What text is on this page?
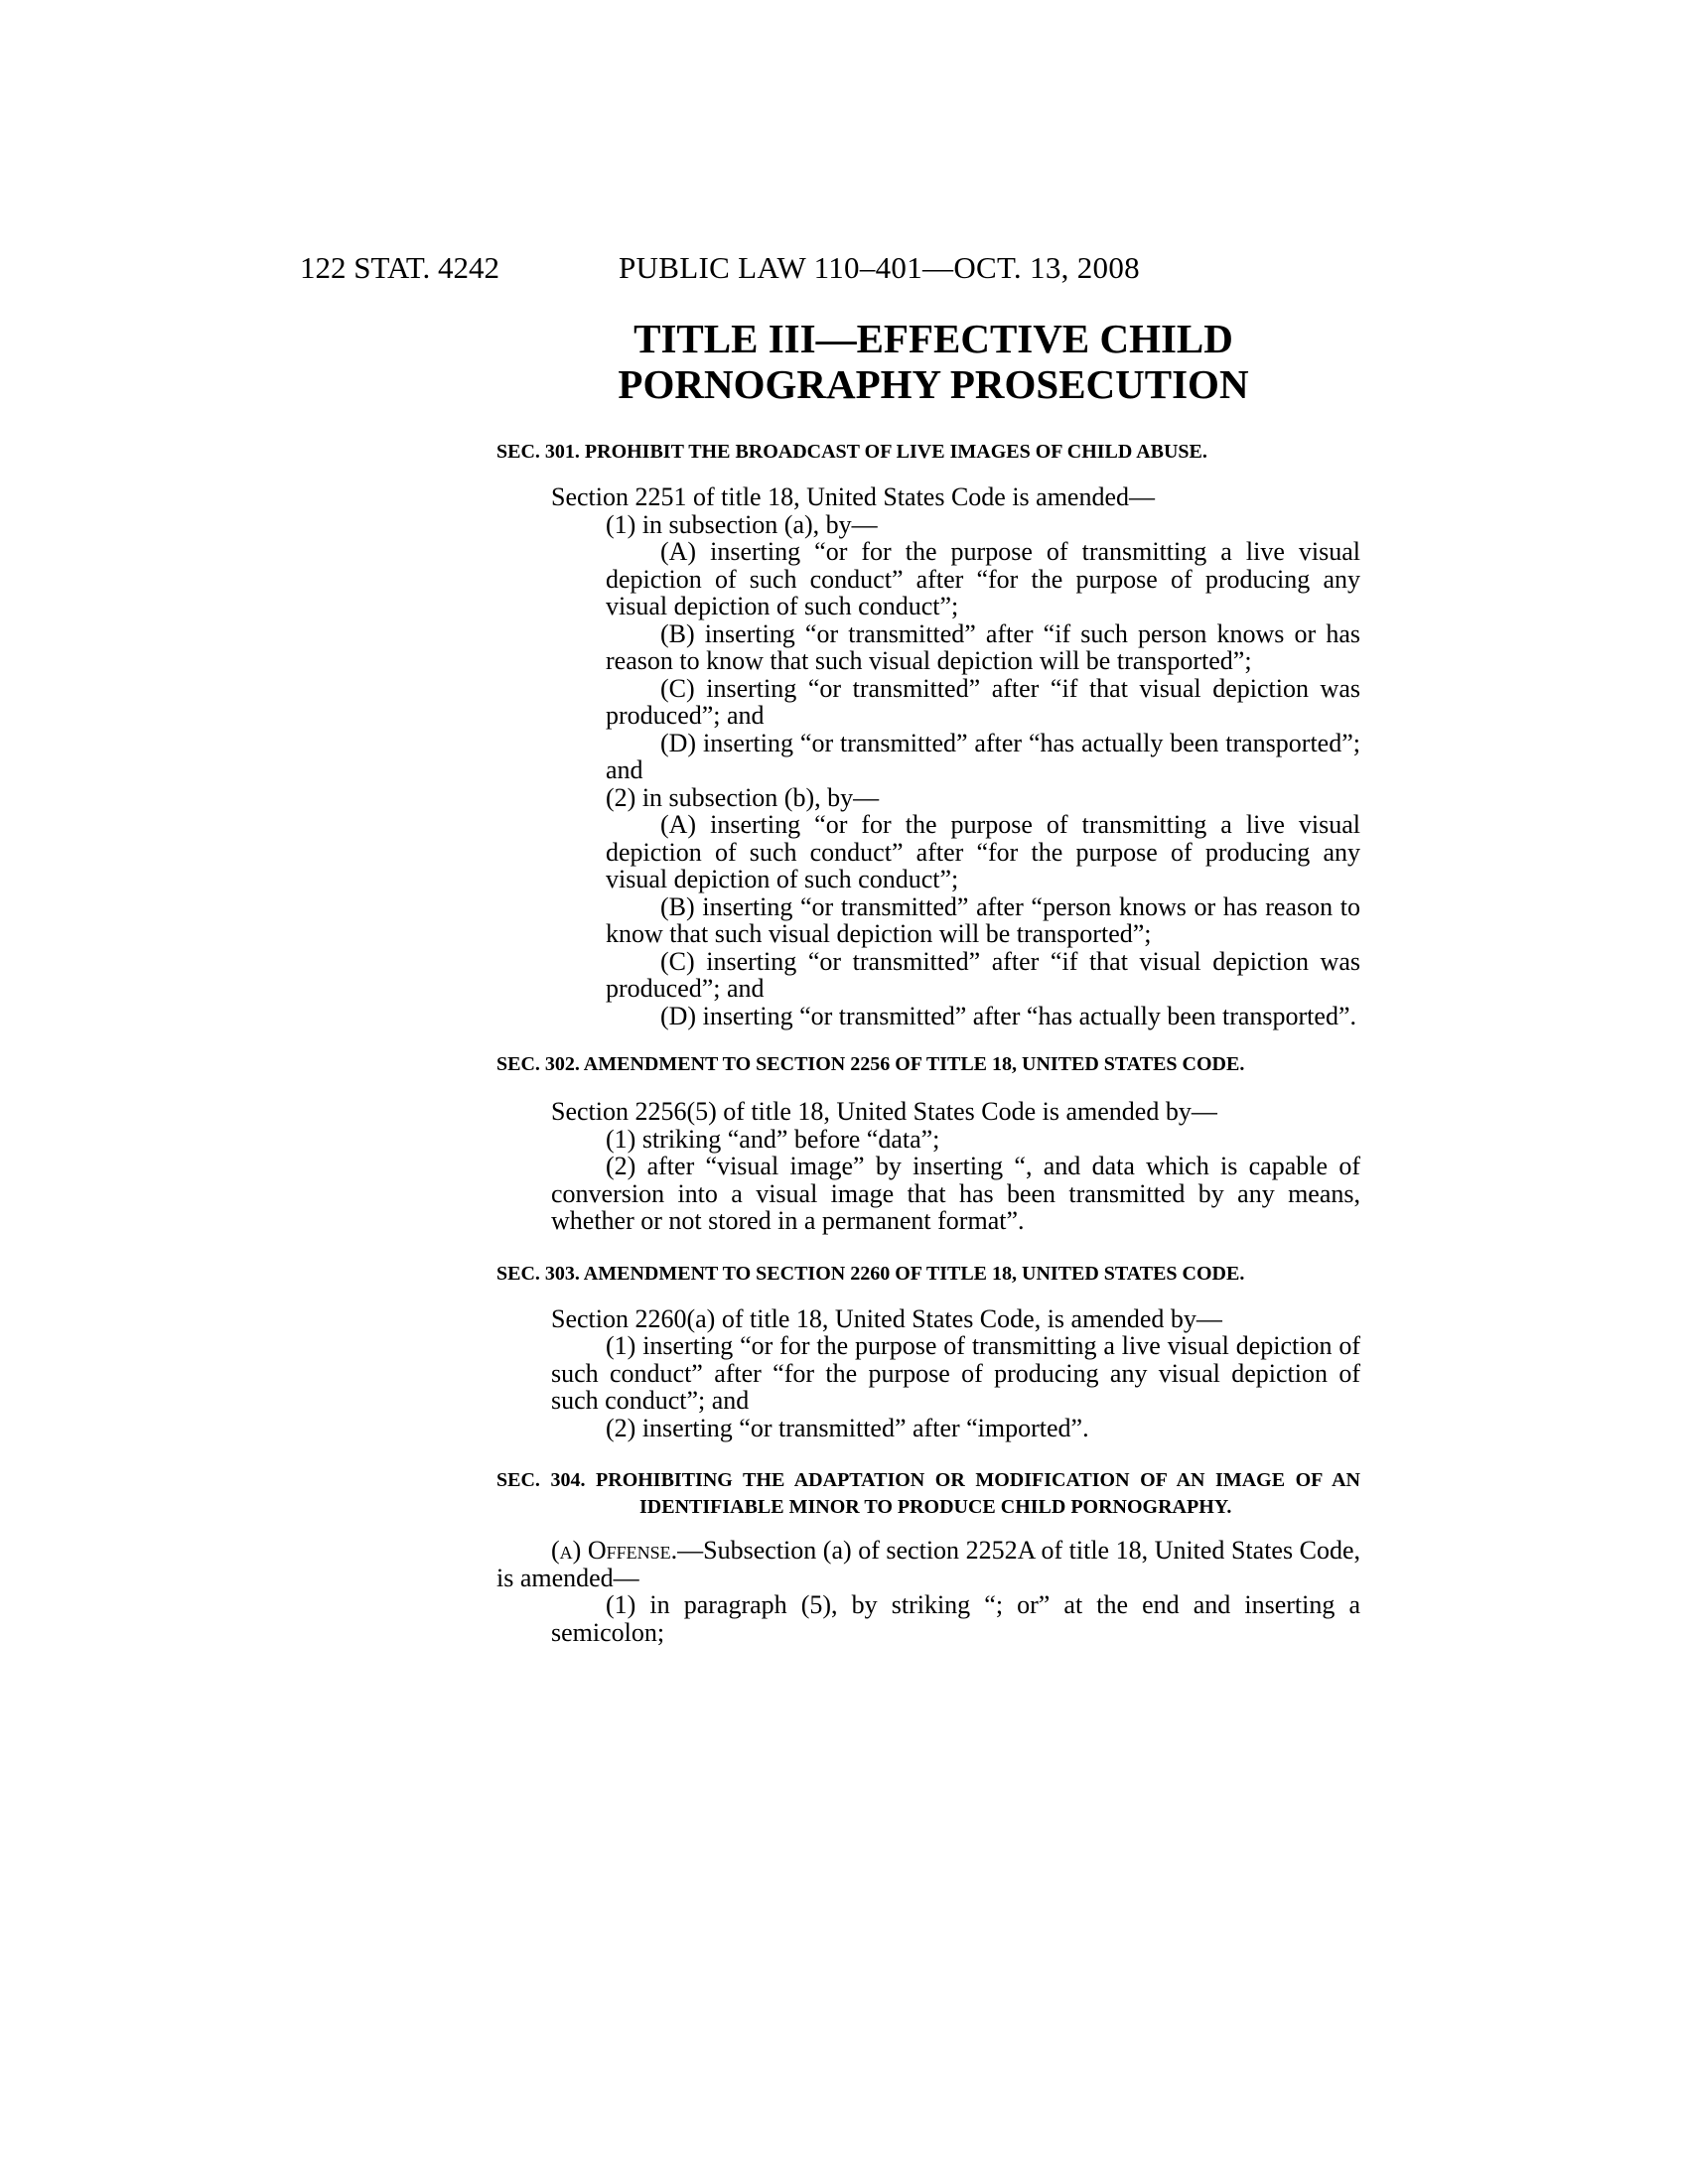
122 STAT. 4242	PUBLIC LAW 110–401—OCT. 13, 2008
TITLE III—EFFECTIVE CHILD
PORNOGRAPHY PROSECUTION

SEC. 301. PROHIBIT THE BROADCAST OF LIVE IMAGES OF CHILD ABUSE.

Section 2251 of title 18, United States Code is amended—

(1) in subsection (a), by—

(A) inserting “or for the purpose of transmitting a live visual depiction of such conduct” after “for the purpose of producing any visual depiction of such conduct”;

(B) inserting “or transmitted” after “if such person knows or has reason to know that such visual depiction will be transported”;

(C) inserting “or transmitted” after “if that visual depiction was produced”; and

(D) inserting “or transmitted” after “has actually been transported”; and

(2) in subsection (b), by—

(A) inserting “or for the purpose of transmitting a live visual depiction of such conduct” after “for the purpose of producing any visual depiction of such conduct”;

(B) inserting “or transmitted” after “person knows or has reason to know that such visual depiction will be transported”;

(C) inserting “or transmitted” after “if that visual depiction was produced”; and

(D) inserting “or transmitted” after “has actually been transported”.

SEC. 302. AMENDMENT TO SECTION 2256 OF TITLE 18, UNITED STATES CODE.

Section 2256(5) of title 18, United States Code is amended by—

(1) striking “and” before “data”;

(2) after “visual image” by inserting “, and data which is capable of conversion into a visual image that has been transmitted by any means, whether or not stored in a permanent format”.

SEC. 303. AMENDMENT TO SECTION 2260 OF TITLE 18, UNITED STATES CODE.

Section 2260(a) of title 18, United States Code, is amended by—

(1) inserting “or for the purpose of transmitting a live visual depiction of such conduct” after “for the purpose of producing any visual depiction of such conduct”; and

(2) inserting “or transmitted” after “imported”.

SEC. 304. PROHIBITING THE ADAPTATION OR MODIFICATION OF AN IMAGE OF AN IDENTIFIABLE MINOR TO PRODUCE CHILD PORNOGRAPHY.

(a) Offense.—Subsection (a) of section 2252A of title 18, United States Code, is amended—

(1) in paragraph (5), by striking “; or” at the end and inserting a semicolon;
